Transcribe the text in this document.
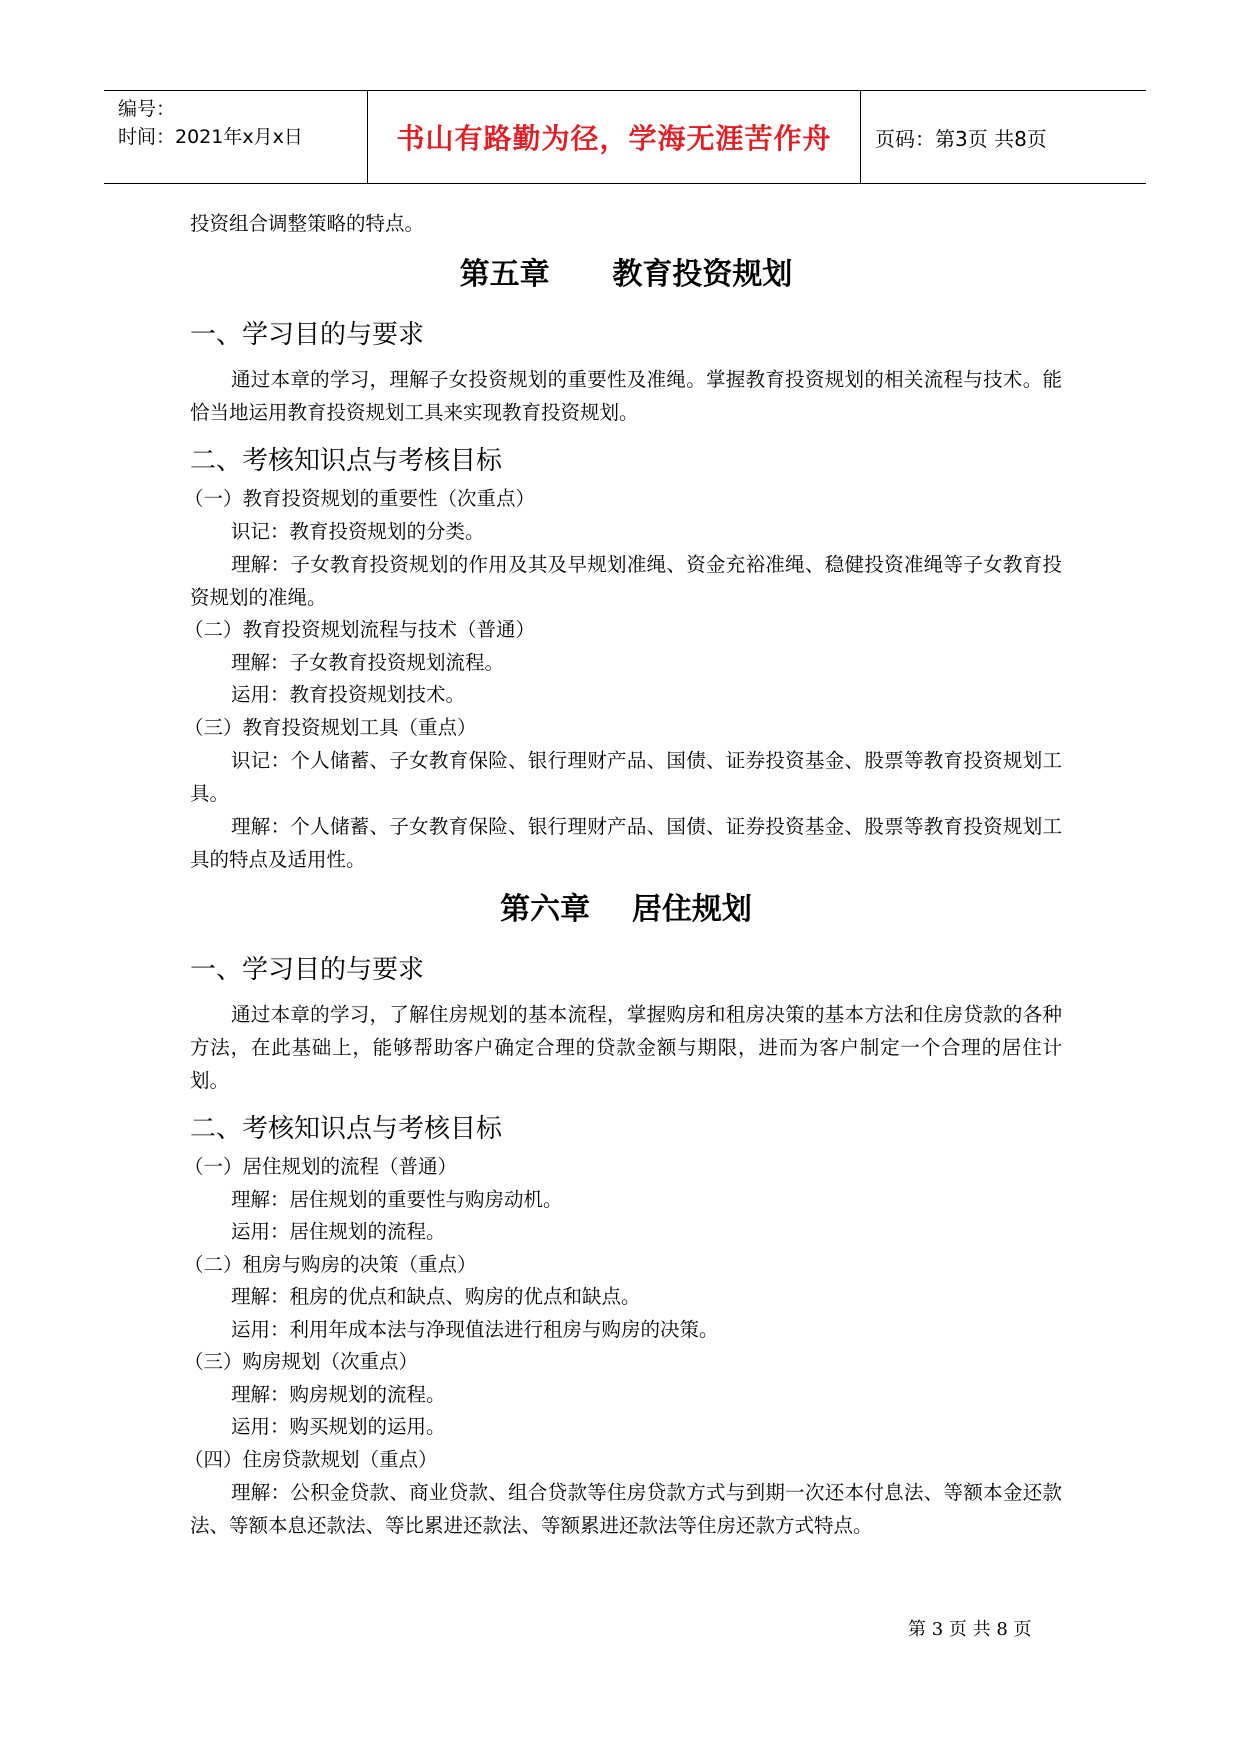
编号：
时间：2021年x月x日	书山有路勤为径，学海无涯苦作舟	页码：第3页 共8页

投资组合调整策略的特点。

第五章      教育投资规划

一、学习目的与要求

通过本章的学习，理解子女投资规划的重要性及准绳。掌握教育投资规划的相关流程与技术。能恰当地运用教育投资规划工具来实现教育投资规划。

二、考核知识点与考核目标

（一）教育投资规划的重要性（次重点）

识记：教育投资规划的分类。

理解：子女教育投资规划的作用及其及早规划准绳、资金充裕准绳、稳健投资准绳等子女教育投资规划的准绳。

（二）教育投资规划流程与技术（普通）

理解：子女教育投资规划流程。

运用：教育投资规划技术。

（三）教育投资规划工具（重点）

识记：个人储蓄、子女教育保险、银行理财产品、国债、证券投资基金、股票等教育投资规划工具。

理解：个人储蓄、子女教育保险、银行理财产品、国债、证券投资基金、股票等教育投资规划工具的特点及适用性。

第六章    居住规划

一、学习目的与要求

通过本章的学习，了解住房规划的基本流程，掌握购房和租房决策的基本方法和住房贷款的各种方法，在此基础上，能够帮助客户确定合理的贷款金额与期限，进而为客户制定一个合理的居住计划。

二、考核知识点与考核目标

（一）居住规划的流程（普通）

理解：居住规划的重要性与购房动机。

运用：居住规划的流程。

（二）租房与购房的决策（重点）

理解：租房的优点和缺点、购房的优点和缺点。

运用：利用年成本法与净现值法进行租房与购房的决策。

（三）购房规划（次重点）

理解：购房规划的流程。

运用：购买规划的运用。

（四）住房贷款规划（重点）

理解：公积金贷款、商业贷款、组合贷款等住房贷款方式与到期一次还本付息法、等额本金还款法、等额本息还款法、等比累进还款法、等额累进还款法等住房还款方式特点。

第 3 页 共 8 页
